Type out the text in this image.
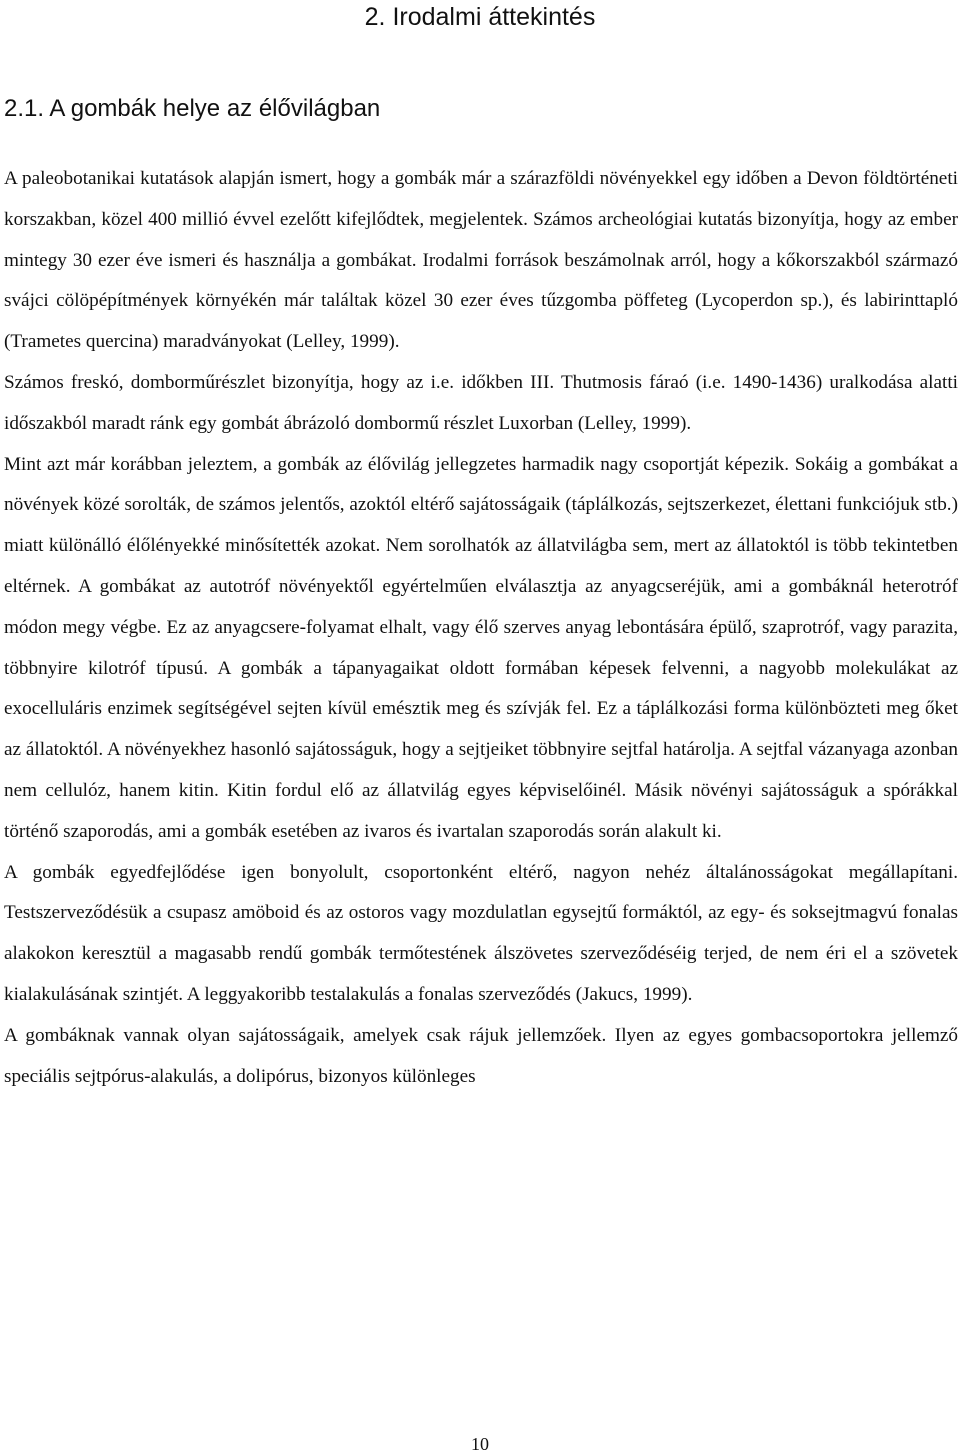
2. Irodalmi áttekintés
2.1. A gombák helye az élővilágban

A paleobotanikai kutatások alapján ismert, hogy a gombák már a szárazföldi növényekkel egy időben a Devon földtörténeti korszakban, közel 400 millió évvel ezelőtt kifejlődtek, megjelentek. Számos archeológiai kutatás bizonyítja, hogy az ember mintegy 30 ezer éve ismeri és használja a gombákat. Irodalmi források beszámolnak arról, hogy a kőkorszakból származó svájci cölöpépítmények környékén már találtak közel 30 ezer éves tűzgomba pöffeteg (Lycoperdon sp.), és labirinttapló (Trametes quercina) maradványokat (Lelley, 1999).

Számos freskó, domborműrészlet bizonyítja, hogy az i.e. időkben III. Thutmosis fáraó (i.e. 1490-1436) uralkodása alatti időszakból maradt ránk egy gombát ábrázoló dombormű részlet Luxorban (Lelley, 1999).

Mint azt már korábban jeleztem, a gombák az élővilág jellegzetes harmadik nagy csoportját képezik. Sokáig a gombákat a növények közé sorolták, de számos jelentős, azoktól eltérő sajátosságaik (táplálkozás, sejtszerkezet, élettani funkciójuk stb.) miatt különálló élőlényekké minősítették azokat. Nem sorolhatók az állatvilágba sem, mert az állatoktól is több tekintetben eltérnek. A gombákat az autotróf növényektől egyértelműen elválasztja az anyagcseréjük, ami a gombáknál heterotróf módon megy végbe. Ez az anyagcsere-folyamat elhalt, vagy élő szerves anyag lebontására épülő, szaprotróf, vagy parazita, többnyire kilotróf típusú. A gombák a tápanyagaikat oldott formában képesek felvenni, a nagyobb molekulákat az exocelluláris enzimek segítségével sejten kívül emésztik meg és szívják fel. Ez a táplálkozási forma különbözteti meg őket az állatoktól. A növényekhez hasonló sajátosságuk, hogy a sejtjeiket többnyire sejtfal határolja. A sejtfal vázanyaga azonban nem cellulóz, hanem kitin. Kitin fordul elő az állatvilág egyes képviselőinél. Másik növényi sajátosságuk a spórákkal történő szaporodás, ami a gombák esetében az ivaros és ivartalan szaporodás során alakult ki.

A gombák egyedfejlődése igen bonyolult, csoportonként eltérő, nagyon nehéz általánosságokat megállapítani. Testszerveződésük a csupasz amöboid és az ostoros vagy mozdulatlan egysejtű formáktól, az egy- és soksejtmagvú fonalas alakokon keresztül a magasabb rendű gombák termőtestének álszövetes szerveződéséig terjed, de nem éri el a szövetek kialakulásának szintjét. A leggyakoribb testalakulás a fonalas szerveződés (Jakucs, 1999).

A gombáknak vannak olyan sajátosságaik, amelyek csak rájuk jellemzőek. Ilyen az egyes gombacsoportokra jellemző speciális sejtpórus-alakulás, a dolipórus, bizonyos különleges

10
